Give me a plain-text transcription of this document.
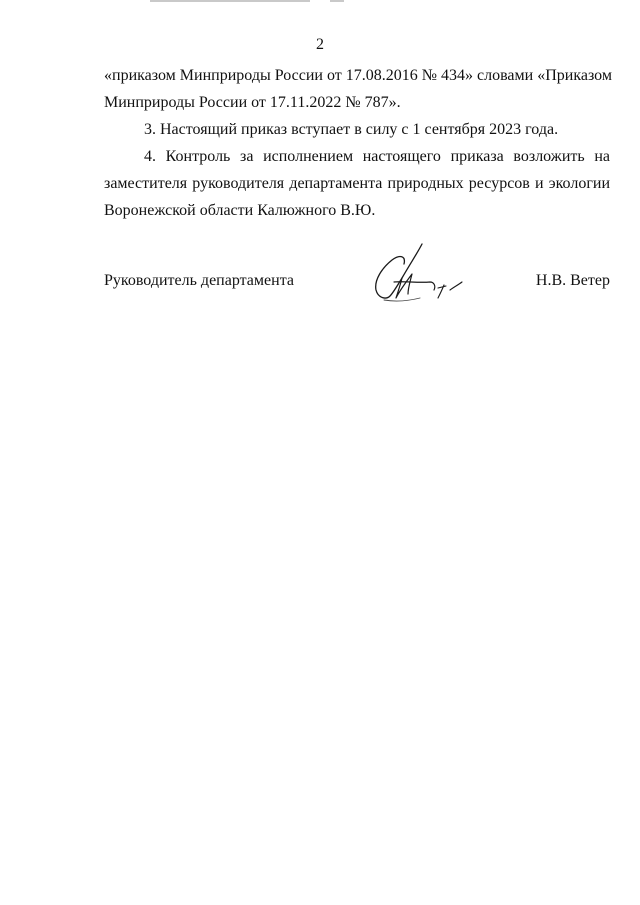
2
«приказом Минприроды России от 17.08.2016 № 434» словами «Приказом
Минприроды России от 17.11.2022 № 787».
3. Настоящий приказ вступает в силу с 1 сентября 2023 года.
4. Контроль за исполнением настоящего приказа возложить на
заместителя руководителя департамента природных ресурсов и экологии
Воронежской области Калюжного В.Ю.
Руководитель департамента	Н.В. Ветер
